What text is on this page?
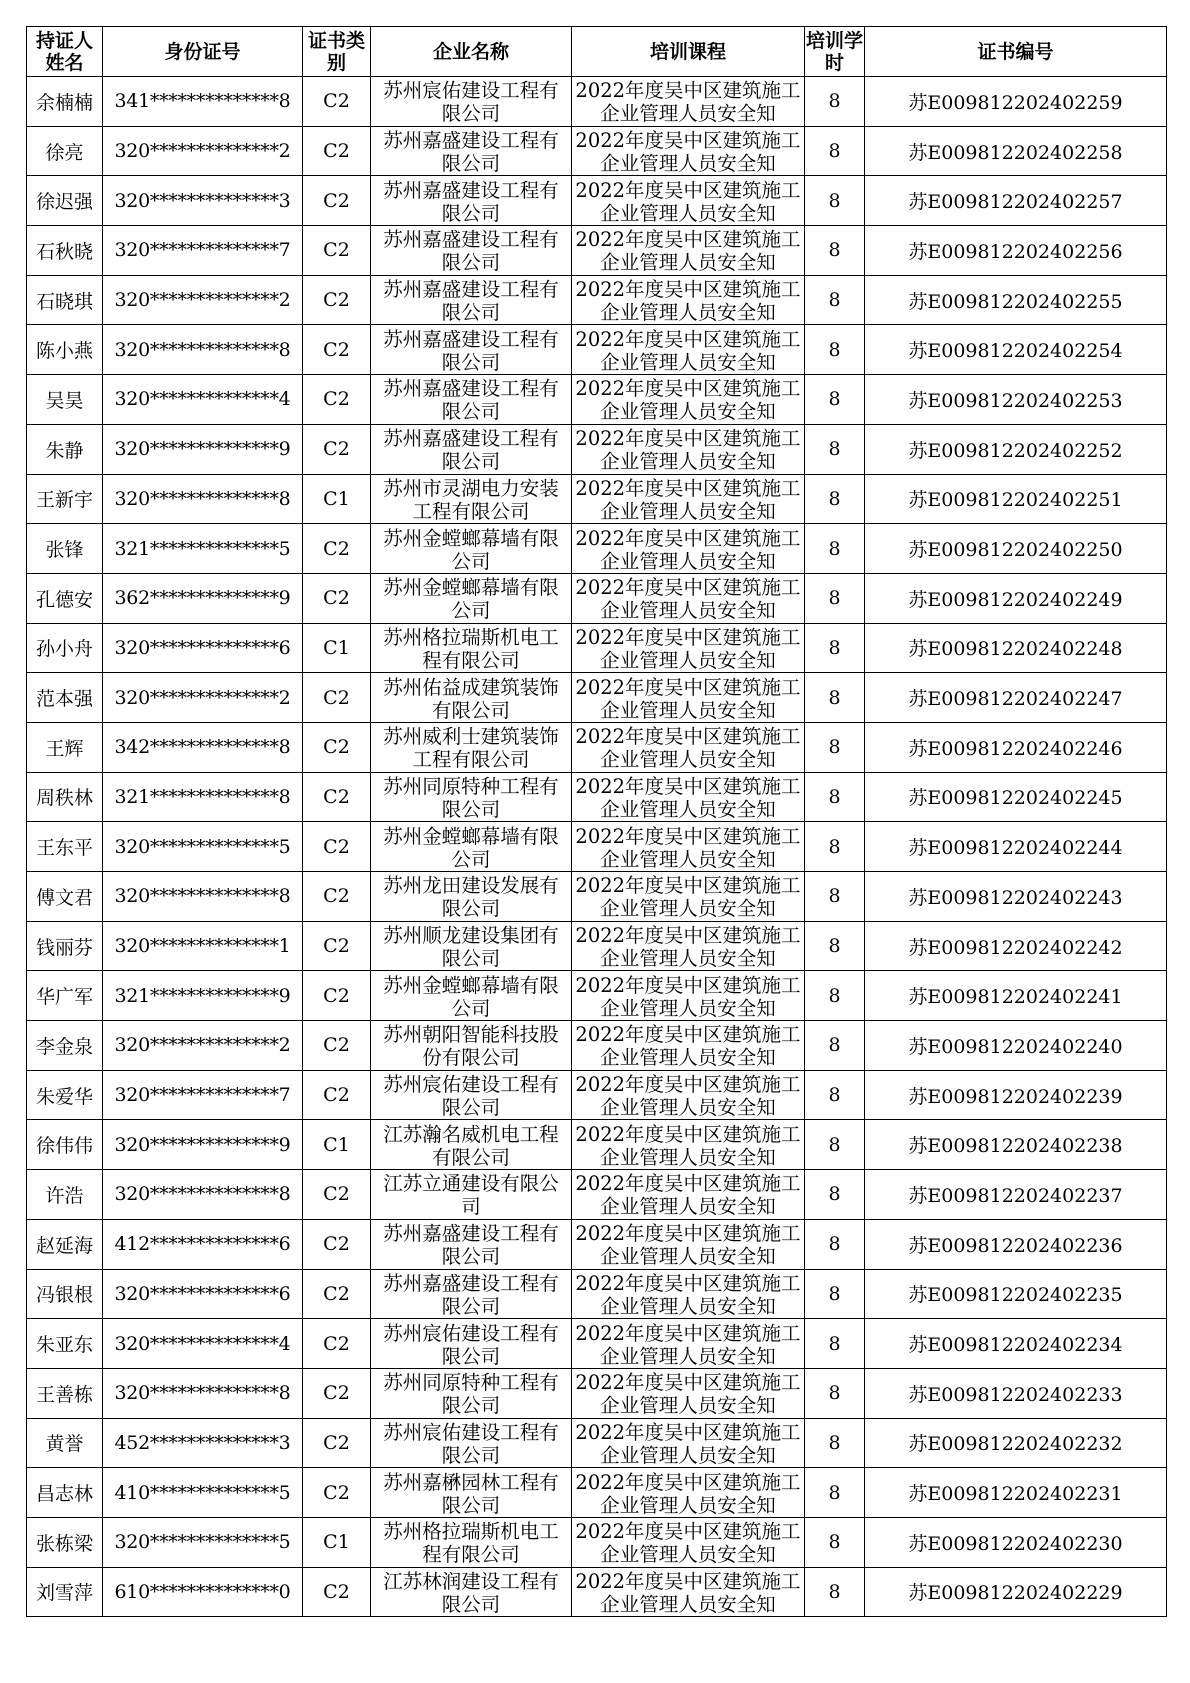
持证人姓名	身份证号	证书类别	企业名称	培训课程	培训学时	证书编号
余楠楠	341**************8	C2	苏州宸佑建设工程有限公司	2022年度吴中区建筑施工企业管理人员安全知	8	苏E009812202402259
徐亮	320**************2	C2	苏州嘉盛建设工程有限公司	2022年度吴中区建筑施工企业管理人员安全知	8	苏E009812202402258
徐迟强	320**************3	C2	苏州嘉盛建设工程有限公司	2022年度吴中区建筑施工企业管理人员安全知	8	苏E009812202402257
石秋晓	320**************7	C2	苏州嘉盛建设工程有限公司	2022年度吴中区建筑施工企业管理人员安全知	8	苏E009812202402256
石晓琪	320**************2	C2	苏州嘉盛建设工程有限公司	2022年度吴中区建筑施工企业管理人员安全知	8	苏E009812202402255
陈小燕	320**************8	C2	苏州嘉盛建设工程有限公司	2022年度吴中区建筑施工企业管理人员安全知	8	苏E009812202402254
吴昊	320**************4	C2	苏州嘉盛建设工程有限公司	2022年度吴中区建筑施工企业管理人员安全知	8	苏E009812202402253
朱静	320**************9	C2	苏州嘉盛建设工程有限公司	2022年度吴中区建筑施工企业管理人员安全知	8	苏E009812202402252
王新宇	320**************8	C1	苏州市灵湖电力安装工程有限公司	2022年度吴中区建筑施工企业管理人员安全知	8	苏E009812202402251
张锋	321**************5	C2	苏州金螳螂幕墙有限公司	2022年度吴中区建筑施工企业管理人员安全知	8	苏E009812202402250
孔德安	362**************9	C2	苏州金螳螂幕墙有限公司	2022年度吴中区建筑施工企业管理人员安全知	8	苏E009812202402249
孙小舟	320**************6	C1	苏州格拉瑞斯机电工程有限公司	2022年度吴中区建筑施工企业管理人员安全知	8	苏E009812202402248
范本强	320**************2	C2	苏州佑益成建筑装饰有限公司	2022年度吴中区建筑施工企业管理人员安全知	8	苏E009812202402247
王辉	342**************8	C2	苏州威利士建筑装饰工程有限公司	2022年度吴中区建筑施工企业管理人员安全知	8	苏E009812202402246
周秩林	321**************8	C2	苏州同原特种工程有限公司	2022年度吴中区建筑施工企业管理人员安全知	8	苏E009812202402245
王东平	320**************5	C2	苏州金螳螂幕墙有限公司	2022年度吴中区建筑施工企业管理人员安全知	8	苏E009812202402244
傅文君	320**************8	C2	苏州龙田建设发展有限公司	2022年度吴中区建筑施工企业管理人员安全知	8	苏E009812202402243
钱丽芬	320**************1	C2	苏州顺龙建设集团有限公司	2022年度吴中区建筑施工企业管理人员安全知	8	苏E009812202402242
华广军	321**************9	C2	苏州金螳螂幕墙有限公司	2022年度吴中区建筑施工企业管理人员安全知	8	苏E009812202402241
李金泉	320**************2	C2	苏州朝阳智能科技股份有限公司	2022年度吴中区建筑施工企业管理人员安全知	8	苏E009812202402240
朱爱华	320**************7	C2	苏州宸佑建设工程有限公司	2022年度吴中区建筑施工企业管理人员安全知	8	苏E009812202402239
徐伟伟	320**************9	C1	江苏瀚名威机电工程有限公司	2022年度吴中区建筑施工企业管理人员安全知	8	苏E009812202402238
许浩	320**************8	C2	江苏立通建设有限公司	2022年度吴中区建筑施工企业管理人员安全知	8	苏E009812202402237
赵延海	412**************6	C2	苏州嘉盛建设工程有限公司	2022年度吴中区建筑施工企业管理人员安全知	8	苏E009812202402236
冯银根	320**************6	C2	苏州嘉盛建设工程有限公司	2022年度吴中区建筑施工企业管理人员安全知	8	苏E009812202402235
朱亚东	320**************4	C2	苏州宸佑建设工程有限公司	2022年度吴中区建筑施工企业管理人员安全知	8	苏E009812202402234
王善栋	320**************8	C2	苏州同原特种工程有限公司	2022年度吴中区建筑施工企业管理人员安全知	8	苏E009812202402233
黄誉	452**************3	C2	苏州宸佑建设工程有限公司	2022年度吴中区建筑施工企业管理人员安全知	8	苏E009812202402232
昌志林	410**************5	C2	苏州嘉楙园林工程有限公司	2022年度吴中区建筑施工企业管理人员安全知	8	苏E009812202402231
张栋梁	320**************5	C1	苏州格拉瑞斯机电工程有限公司	2022年度吴中区建筑施工企业管理人员安全知	8	苏E009812202402230
刘雪萍	610**************0	C2	江苏林润建设工程有限公司	2022年度吴中区建筑施工企业管理人员安全知	8	苏E009812202402229
